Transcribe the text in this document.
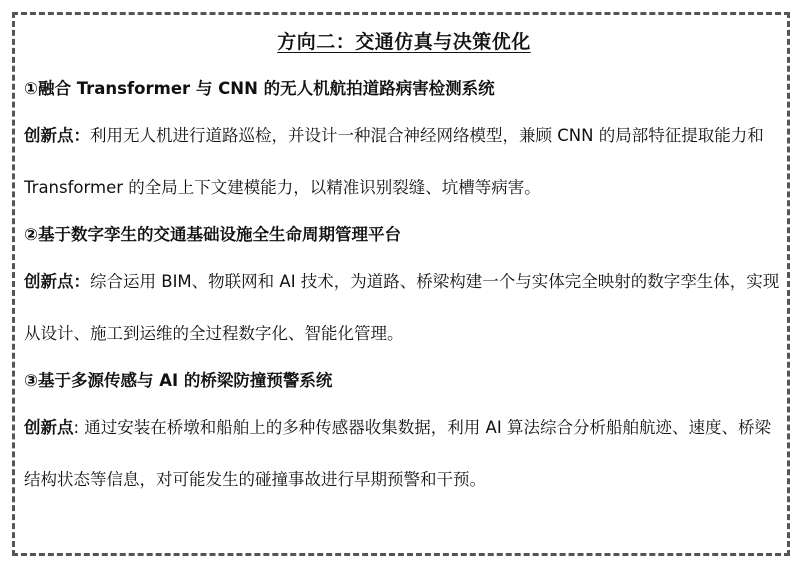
方向二：交通仿真与决策优化

①融合 Transformer 与 CNN 的无人机航拍道路病害检测系统

创新点：利用无人机进行道路巡检，并设计一种混合神经网络模型，兼顾 CNN 的局部特征提取能力和 Transformer 的全局上下文建模能力，以精准识别裂缝、坑槽等病害。

②基于数字孪生的交通基础设施全生命周期管理平台

创新点：综合运用 BIM、物联网和 AI 技术，为道路、桥梁构建一个与实体完全映射的数字孪生体，实现从设计、施工到运维的全过程数字化、智能化管理。

③基于多源传感与 AI 的桥梁防撞预警系统

创新点: 通过安装在桥墩和船舶上的多种传感器收集数据，利用 AI 算法综合分析船舶航迹、速度、桥梁结构状态等信息，对可能发生的碰撞事故进行早期预警和干预。
